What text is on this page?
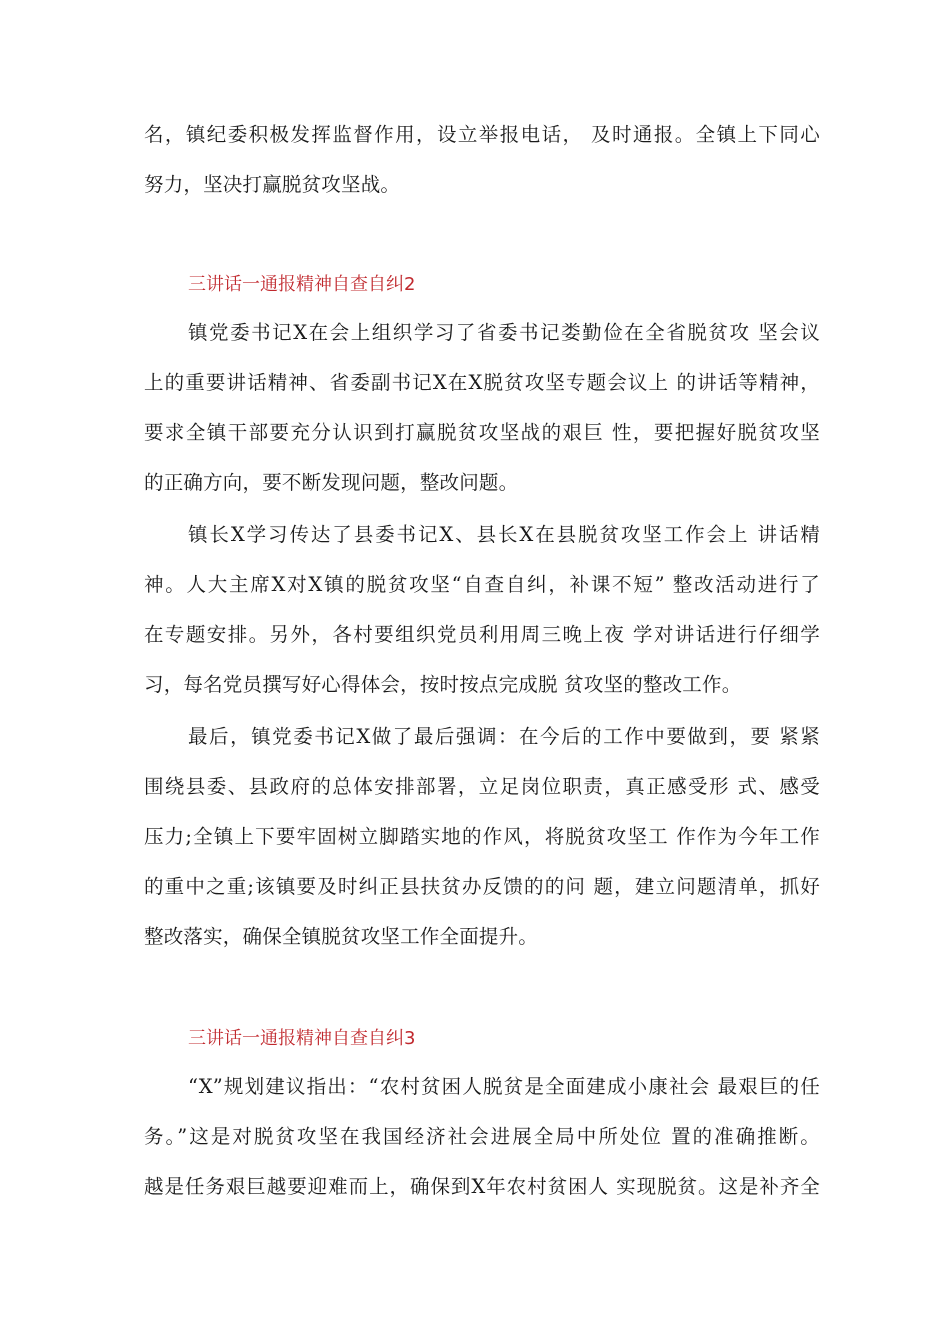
名，镇纪委积极发挥监督作用，设立举报电话， 及时通报。全镇上下同心
努力，坚决打赢脱贫攻坚战。
三讲话一通报精神自查自纠2
镇党委书记X在会上组织学习了省委书记娄勤俭在全省脱贫攻 坚会议
上的重要讲话精神、省委副书记X在X脱贫攻坚专题会议上 的讲话等精神，
要求全镇干部要充分认识到打赢脱贫攻坚战的艰巨 性，要把握好脱贫攻坚
的正确方向，要不断发现问题，整改问题。
镇长X学习传达了县委书记X、县长X在县脱贫攻坚工作会上 讲话精
神。人大主席X对X镇的脱贫攻坚“自查自纠，补课不短” 整改活动进行了
在专题安排。另外，各村要组织党员利用周三晚上夜 学对讲话进行仔细学
习，每名党员撰写好心得体会，按时按点完成脱 贫攻坚的整改工作。
最后，镇党委书记X做了最后强调：在今后的工作中要做到，要 紧紧
围绕县委、县政府的总体安排部署，立足岗位职责，真正感受形 式、感受
压力;全镇上下要牢固树立脚踏实地的作风，将脱贫攻坚工 作作为今年工作
的重中之重;该镇要及时纠正县扶贫办反馈的的问 题，建立问题清单，抓好
整改落实，确保全镇脱贫攻坚工作全面提升。
三讲话一通报精神自查自纠3
“X”规划建议指出：“农村贫困人脱贫是全面建成小康社会 最艰巨的任
务。”这是对脱贫攻坚在我国经济社会进展全局中所处位 置的准确推断。
越是任务艰巨越要迎难而上，确保到X年农村贫困人 实现脱贫。这是补齐全
